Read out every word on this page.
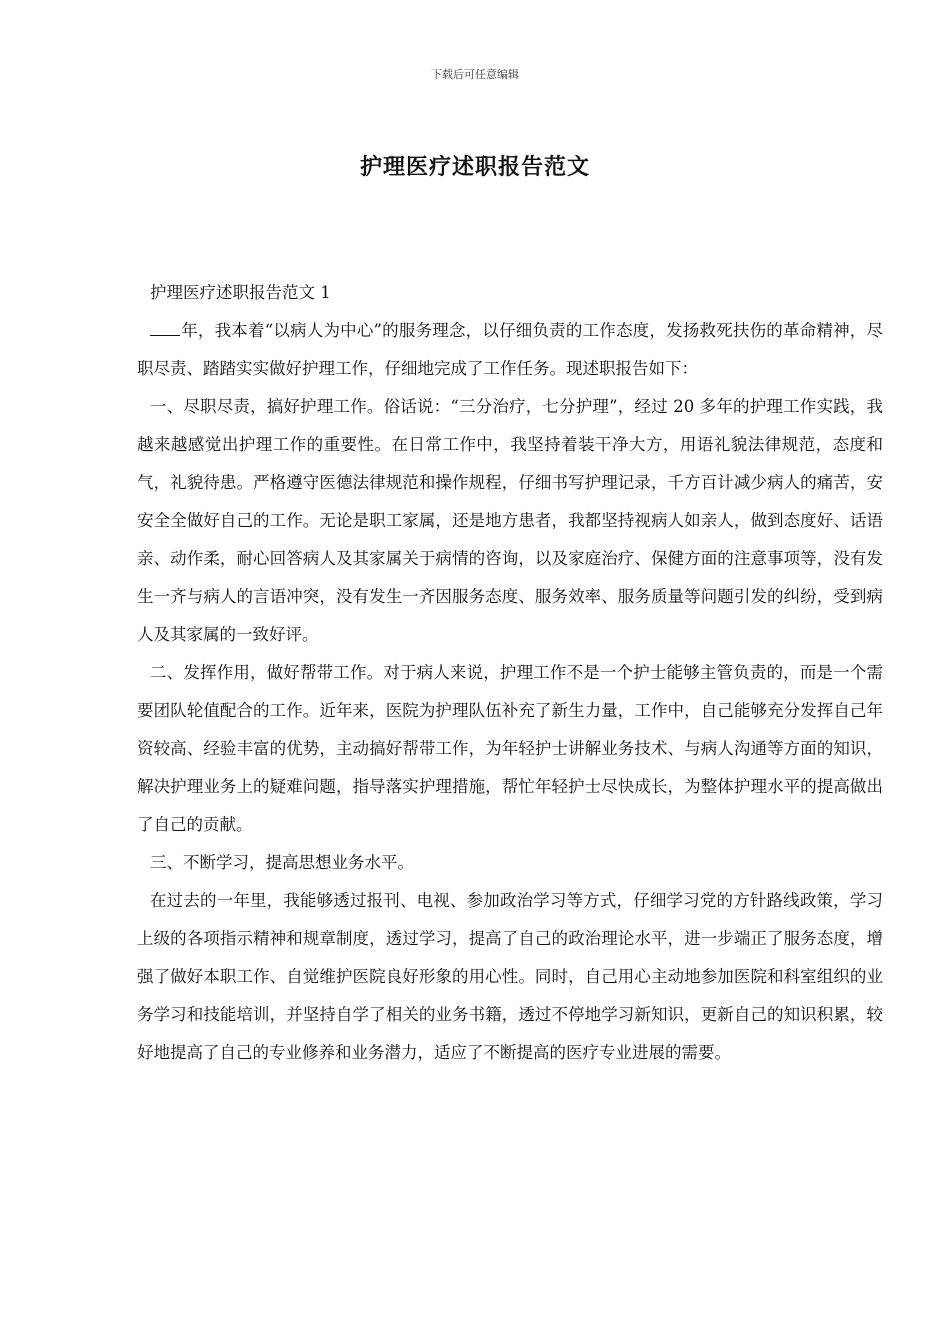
下载后可任意编辑
护理医疗述职报告范文

护理医疗述职报告范文 1

年，我本着“以病人为中心”的服务理念，以仔细负责的工作态度，发扬救死扶伤的革命精神，尽职尽责、踏踏实实做好护理工作，仔细地完成了工作任务。现述职报告如下：

一、尽职尽责，搞好护理工作。俗话说：“三分治疗，七分护理”，经过 20 多年的护理工作实践，我越来越感觉出护理工作的重要性。在日常工作中，我坚持着装干净大方，用语礼貌法律规范，态度和气，礼貌待患。严格遵守医德法律规范和操作规程，仔细书写护理记录，千方百计减少病人的痛苦，安安全全做好自己的工作。无论是职工家属，还是地方患者，我都坚持视病人如亲人，做到态度好、话语亲、动作柔，耐心回答病人及其家属关于病情的咨询，以及家庭治疗、保健方面的注意事项等，没有发生一齐与病人的言语冲突，没有发生一齐因服务态度、服务效率、服务质量等问题引发的纠纷，受到病人及其家属的一致好评。

二、发挥作用，做好帮带工作。对于病人来说，护理工作不是一个护士能够主管负责的，而是一个需要团队轮值配合的工作。近年来，医院为护理队伍补充了新生力量，工作中，自己能够充分发挥自己年资较高、经验丰富的优势，主动搞好帮带工作，为年轻护士讲解业务技术、与病人沟通等方面的知识，解决护理业务上的疑难问题，指导落实护理措施，帮忙年轻护士尽快成长，为整体护理水平的提高做出了自己的贡献。

三、不断学习，提高思想业务水平。

在过去的一年里，我能够透过报刊、电视、参加政治学习等方式，仔细学习党的方针路线政策，学习上级的各项指示精神和规章制度，透过学习，提高了自己的政治理论水平，进一步端正了服务态度，增强了做好本职工作、自觉维护医院良好形象的用心性。同时，自己用心主动地参加医院和科室组织的业务学习和技能培训，并坚持自学了相关的业务书籍，透过不停地学习新知识，更新自己的知识积累，较好地提高了自己的专业修养和业务潜力，适应了不断提高的医疗专业进展的需要。
